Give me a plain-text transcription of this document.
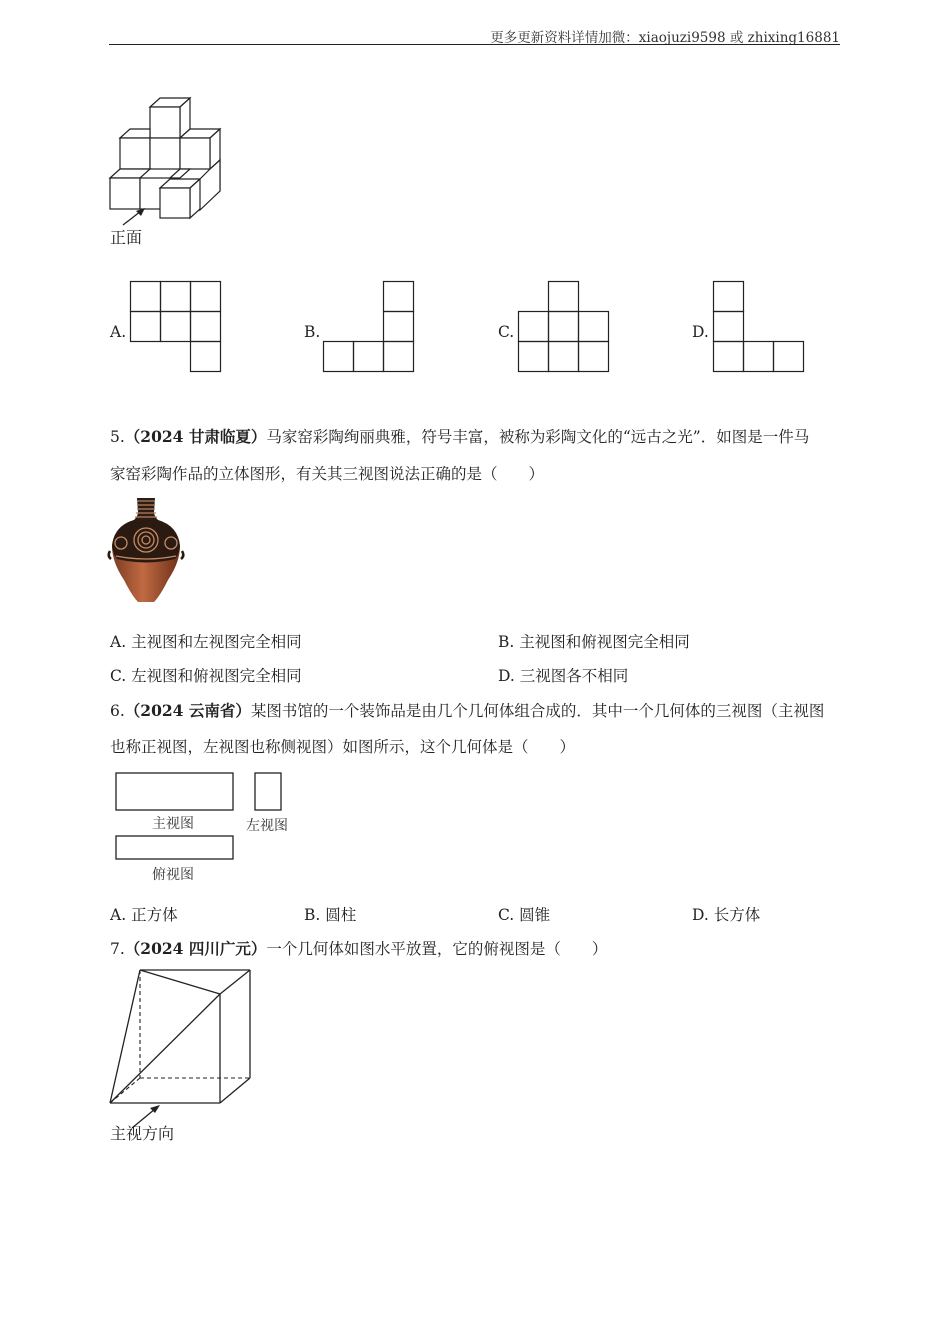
更多更新资料详情加微：xiaojuzi9598 或 zhixing16881
正面
A.	B.	C.	D.
5.（2024 甘肃临夏）马家窑彩陶绚丽典雅，符号丰富，被称为彩陶文化的“远古之光”．如图是一件马
家窑彩陶作品的立体图形，有关其三视图说法正确的是（　　）
A. 主视图和左视图完全相同	B. 主视图和俯视图完全相同
C. 左视图和俯视图完全相同	D. 三视图各不相同
6.（2024 云南省）某图书馆的一个装饰品是由几个几何体组合成的．其中一个几何体的三视图（主视图
也称正视图，左视图也称侧视图）如图所示，这个几何体是（　　）
主视图	左视图
俯视图
A. 正方体	B. 圆柱	C. 圆锥	D. 长方体
7.（2024 四川广元）一个几何体如图水平放置，它的俯视图是（　　）
主视方向
